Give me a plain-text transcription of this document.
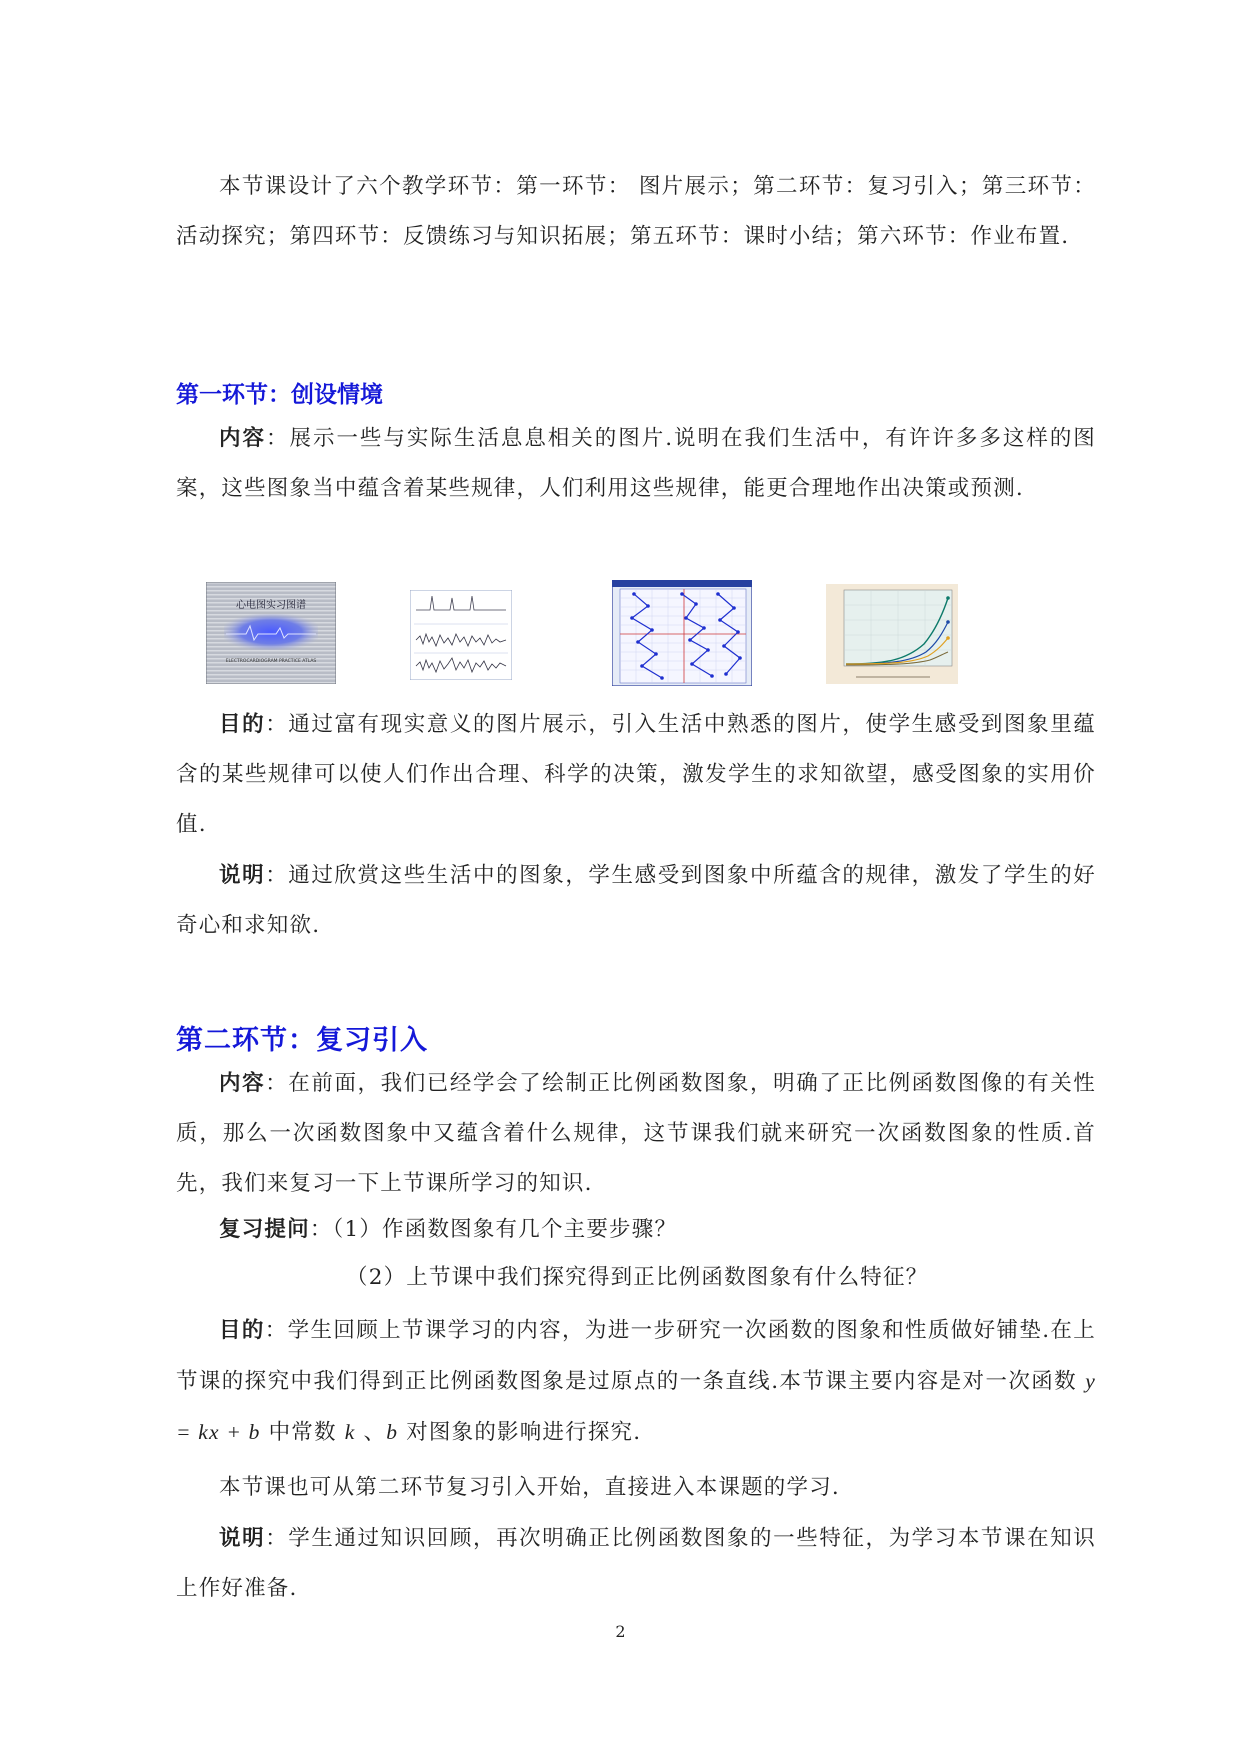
本节课设计了六个教学环节：第一环节： 图片展示；第二环节：复习引入；第三环节：活动探究；第四环节：反馈练习与知识拓展；第五环节：课时小结；第六环节：作业布置.

第一环节：创设情境

内容：展示一些与实际生活息息相关的图片.说明在我们生活中，有许许多多这样的图案，这些图象当中蕴含着某些规律，人们利用这些规律，能更合理地作出决策或预测.

心电图实习图谱
ELECTROCARDIOGRAM PRACTICE ATLAS

目的：通过富有现实意义的图片展示，引入生活中熟悉的图片，使学生感受到图象里蕴含的某些规律可以使人们作出合理、科学的决策，激发学生的求知欲望，感受图象的实用价值.

说明：通过欣赏这些生活中的图象，学生感受到图象中所蕴含的规律，激发了学生的好奇心和求知欲.

第二环节：复习引入

内容：在前面，我们已经学会了绘制正比例函数图象，明确了正比例函数图像的有关性质，那么一次函数图象中又蕴含着什么规律，这节课我们就来研究一次函数图象的性质.首先，我们来复习一下上节课所学习的知识.

复习提问：（1）作函数图象有几个主要步骤？

（2）上节课中我们探究得到正比例函数图象有什么特征？

目的：学生回顾上节课学习的内容，为进一步研究一次函数的图象和性质做好铺垫.在上节课的探究中我们得到正比例函数图象是过原点的一条直线.本节课主要内容是对一次函数 y = kx + b 中常数 k 、b 对图象的影响进行探究.

本节课也可从第二环节复习引入开始，直接进入本课题的学习.

说明：学生通过知识回顾，再次明确正比例函数图象的一些特征，为学习本节课在知识上作好准备.

2
